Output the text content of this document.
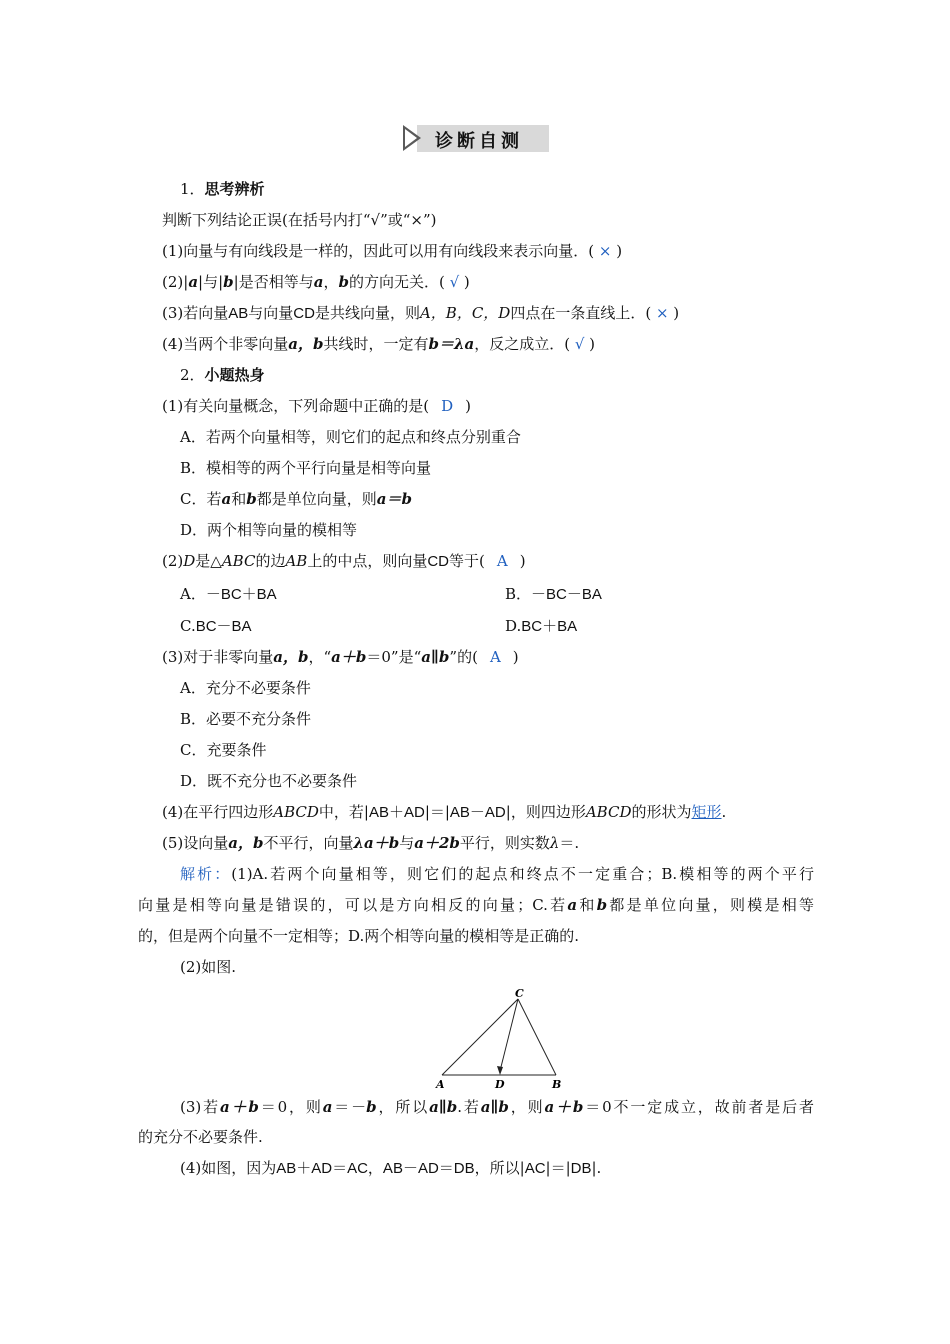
诊断自测
1．思考辨析
判断下列结论正误(在括号内打“√”或“×”)
(1)向量与有向线段是一样的，因此可以用有向线段来表示向量．( × )
(2)|a|与|b|是否相等与a，b的方向无关．( √ )
(3)若向量AB与向量CD是共线向量，则A，B，C，D四点在一条直线上．( × )
(4)当两个非零向量a，b共线时，一定有b＝λa，反之成立．( √ )
2．小题热身
(1)有关向量概念，下列命题中正确的是( D )
A．若两个向量相等，则它们的起点和终点分别重合
B．模相等的两个平行向量是相等向量
C．若a和b都是单位向量，则a＝b
D．两个相等向量的模相等
(2)D是△ABC的边AB上的中点，则向量CD等于( A )
A．－BC＋BA	B．－BC－BA
C.BC－BA	D.BC＋BA
(3)对于非零向量a，b，“a＋b＝0”是“a∥b”的( A )
A．充分不必要条件
B．必要不充分条件
C．充要条件
D．既不充分也不必要条件
(4)在平行四边形ABCD中，若|AB＋AD|＝|AB－AD|，则四边形ABCD的形状为矩形.
(5)设向量a，b不平行，向量λa＋b与a＋2b平行，则实数λ＝.
解析：(1)A.若两个向量相等，则它们的起点和终点不一定重合；B.模相等的两个平行
向量是相等向量是错误的，可以是方向相反的向量；C.若a和b都是单位向量，则模是相等
的，但是两个向量不一定相等；D.两个相等向量的模相等是正确的.
(2)如图.
C
A	D	B
(3)若a＋b＝0，则a＝－b，所以a∥b.若a∥b，则a＋b＝0不一定成立，故前者是后者
的充分不必要条件.
(4)如图，因为AB＋AD＝AC，AB－AD＝DB，所以|AC|＝|DB|.
